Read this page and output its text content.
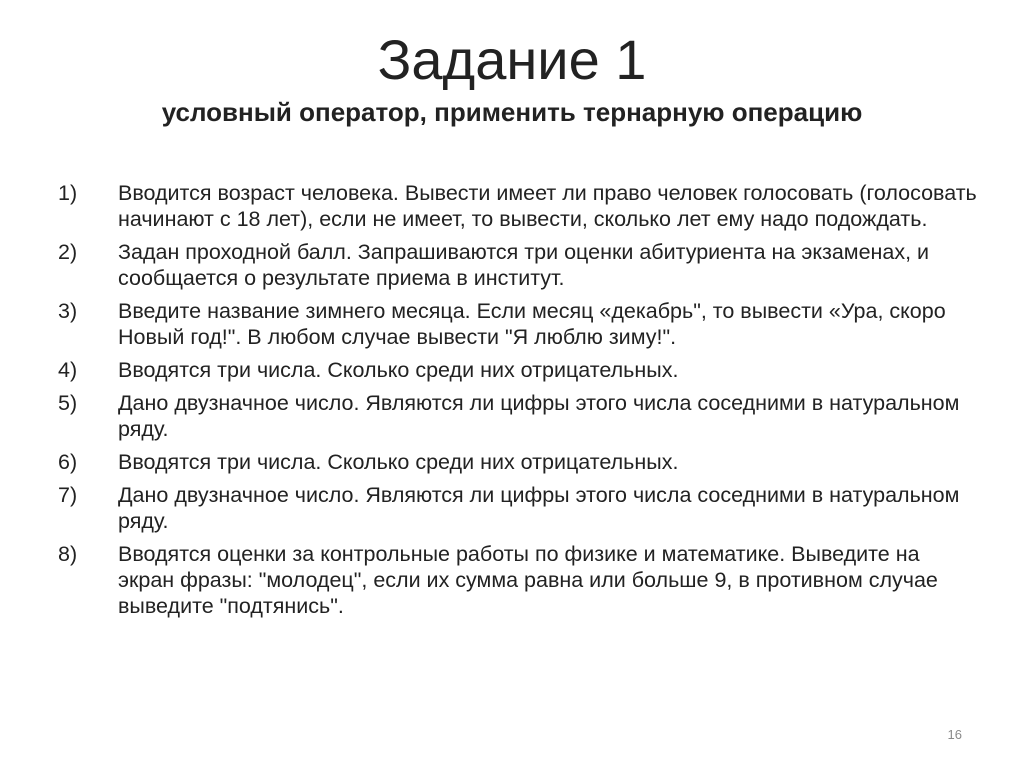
Задание 1
условный оператор, применить тернарную операцию
1)	Вводится возраст человека. Вывести имеет ли право человек голосовать (голосовать начинают с 18 лет), если не имеет, то вывести, сколько лет ему надо подождать.
2)	Задан проходной балл. Запрашиваются три оценки абитуриента на экзаменах, и сообщается о результате приема в институт.
3)	Введите название зимнего месяца. Если месяц «декабрь", то вывести «Ура, скоро Новый год!". В любом случае вывести "Я люблю зиму!".
4)	Вводятся три числа. Сколько среди них отрицательных.
5)	Дано двузначное число. Являются ли цифры этого числа соседними в натуральном ряду.
6)	Вводятся три числа. Сколько среди них отрицательных.
7)	Дано двузначное число. Являются ли цифры этого числа соседними в натуральном ряду.
8)	Вводятся оценки за контрольные работы по физике и математике. Выведите на экран фразы: "молодец", если их сумма равна или больше 9, в противном случае выведите "подтянись".
16
